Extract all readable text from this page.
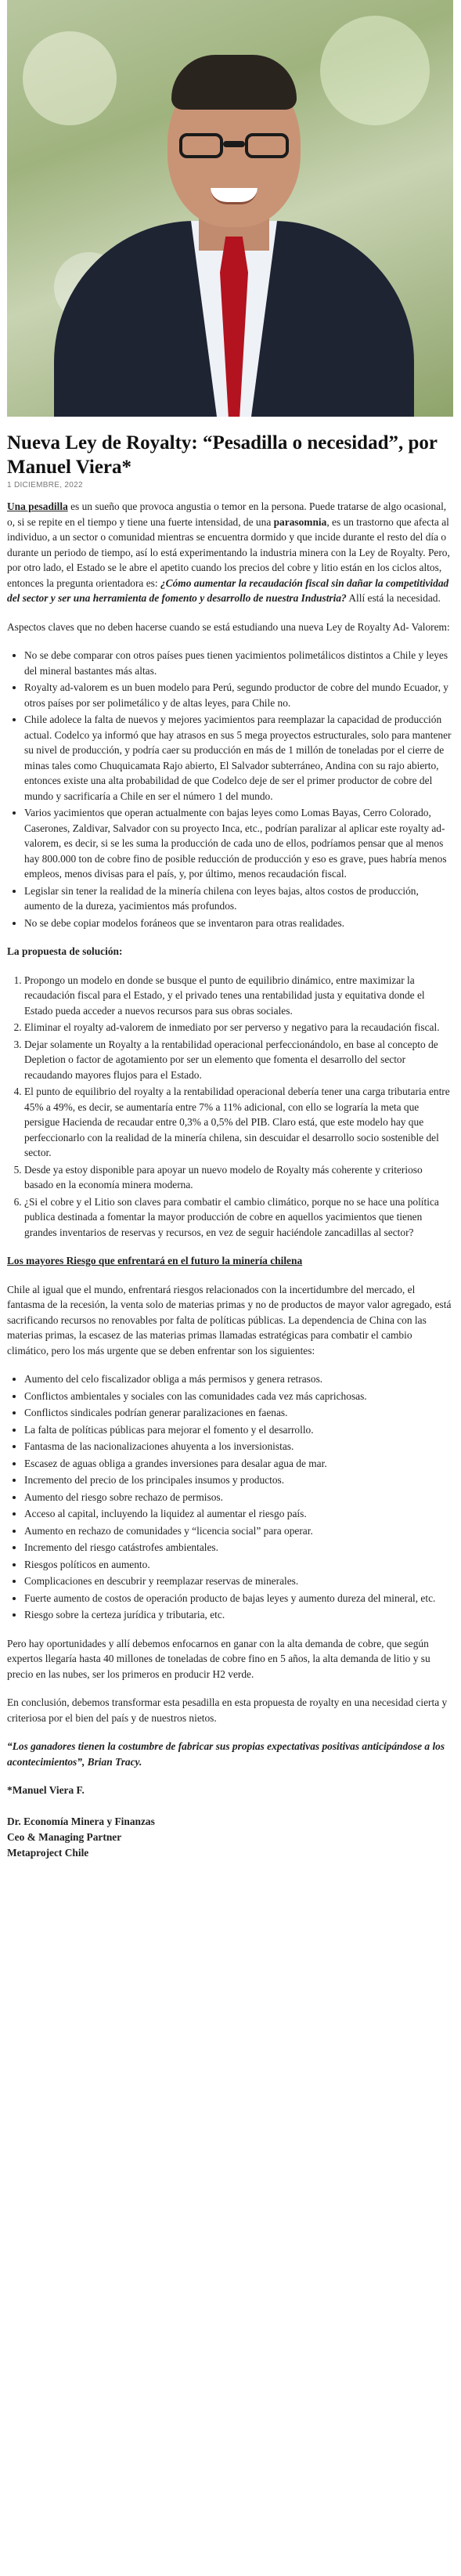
Nueva Ley de Royalty: “Pesadilla o necesidad”, por Manuel Viera*
1 DICIEMBRE, 2022

Una pesadilla es un sueño que provoca angustia o temor en la persona. Puede tratarse de algo ocasional, o, si se repite en el tiempo y tiene una fuerte intensidad, de una parasomnia, es un trastorno que afecta al individuo, a un sector o comunidad mientras se encuentra dormido y que incide durante el resto del día o durante un periodo de tiempo, así lo está experimentando la industria minera con la Ley de Royalty. Pero, por otro lado, el Estado se le abre el apetito cuando los precios del cobre y litio están en los ciclos altos, entonces la pregunta orientadora es: ¿Cómo aumentar la recaudación fiscal sin dañar la competitividad del sector y ser una herramienta de fomento y desarrollo de nuestra Industria? Allí está la necesidad.

Aspectos claves que no deben hacerse cuando se está estudiando una nueva Ley de Royalty Ad- Valorem:

• No se debe comparar con otros países pues tienen yacimientos polimetálicos distintos a Chile y leyes del mineral bastantes más altas.
• Royalty ad-valorem es un buen modelo para Perú, segundo productor de cobre del mundo Ecuador, y otros países por ser polimetálico y de altas leyes, para Chile no.
• Chile adolece la falta de nuevos y mejores yacimientos para reemplazar la capacidad de producción actual. Codelco ya informó que hay atrasos en sus 5 mega proyectos estructurales, solo para mantener su nivel de producción, y podría caer su producción en más de 1 millón de toneladas por el cierre de minas tales como Chuquicamata Rajo abierto, El Salvador subterráneo, Andina con su rajo abierto, entonces existe una alta probabilidad de que Codelco deje de ser el primer productor de cobre del mundo y sacrificaría a Chile en ser el número 1 del mundo.
• Varios yacimientos que operan actualmente con bajas leyes como Lomas Bayas, Cerro Colorado, Caserones, Zaldivar, Salvador con su proyecto Inca, etc., podrían paralizar al aplicar este royalty ad-valorem, es decir, si se les suma la producción de cada uno de ellos, podríamos pensar que al menos hay 800.000 ton de cobre fino de posible reducción de producción y eso es grave, pues habría menos empleos, menos divisas para el país, y, por último, menos recaudación fiscal.
• Legislar sin tener la realidad de la minería chilena con leyes bajas, altos costos de producción, aumento de la dureza, yacimientos más profundos.
• No se debe copiar modelos foráneos que se inventaron para otras realidades.
La propuesta de solución:
1. Propongo un modelo en donde se busque el punto de equilibrio dinámico, entre maximizar la recaudación fiscal para el Estado, y el privado tenes una rentabilidad justa y equitativa donde el Estado pueda acceder a nuevos recursos para sus obras sociales.
2. Eliminar el royalty ad-valorem de inmediato por ser perverso y negativo para la recaudación fiscal.
3. Dejar solamente un Royalty a la rentabilidad operacional perfeccionándolo, en base al concepto de Depletion o factor de agotamiento por ser un elemento que fomenta el desarrollo del sector recaudando mayores flujos para el Estado.
4. El punto de equilibrio del royalty a la rentabilidad operacional debería tener una carga tributaria entre 45% a 49%, es decir, se aumentaría entre 7% a 11% adicional, con ello se lograría la meta que persigue Hacienda de recaudar entre 0,3% a 0,5% del PIB. Claro está, que este modelo hay que perfeccionarlo con la realidad de la minería chilena, sin descuidar el desarrollo socio sostenible del sector.
5. Desde ya estoy disponible para apoyar un nuevo modelo de Royalty más coherente y criterioso basado en la economía minera moderna.
6. ¿Si el cobre y el Litio son claves para combatir el cambio climático, porque no se hace una política publica destinada a fomentar la mayor producción de cobre en aquellos yacimientos que tienen grandes inventarios de reservas y recursos, en vez de seguir haciéndole zancadillas al sector?
Los mayores Riesgo que enfrentará en el futuro la minería chilena

Chile al igual que el mundo, enfrentará riesgos relacionados con la incertidumbre del mercado, el fantasma de la recesión, la venta solo de materias primas y no de productos de mayor valor agregado, está sacrificando recursos no renovables por falta de políticas públicas. La dependencia de China con las materias primas, la escasez de las materias primas llamadas estratégicas para combatir el cambio climático, pero los más urgente que se deben enfrentar son los siguientes:

• Aumento del celo fiscalizador obliga a más permisos y genera retrasos.
• Conflictos ambientales y sociales con las comunidades cada vez más caprichosas.
• Conflictos sindicales podrían generar paralizaciones en faenas.
• La falta de políticas públicas para mejorar el fomento y el desarrollo.
• Fantasma de las nacionalizaciones ahuyenta a los inversionistas.
• Escasez de aguas obliga a grandes inversiones para desalar agua de mar.
• Incremento del precio de los principales insumos y productos.
• Aumento del riesgo sobre rechazo de permisos.
• Acceso al capital, incluyendo la liquidez al aumentar el riesgo país.
• Aumento en rechazo de comunidades y “licencia social” para operar.
• Incremento del riesgo catástrofes ambientales.
• Riesgos políticos en aumento.
• Complicaciones en descubrir y reemplazar reservas de minerales.
• Fuerte aumento de costos de operación producto de bajas leyes y aumento dureza del mineral, etc.
• Riesgo sobre la certeza jurídica y tributaria, etc.

Pero hay oportunidades y allí debemos enfocarnos en ganar con la alta demanda de cobre, que según expertos llegaría hasta 40 millones de toneladas de cobre fino en 5 años, la alta demanda de litio y su precio en las nubes, ser los primeros en producir H2 verde.

En conclusión, debemos transformar esta pesadilla en esta propuesta de royalty en una necesidad cierta y criteriosa por el bien del país y de nuestros nietos.

“Los ganadores tienen la costumbre de fabricar sus propias expectativas positivas anticipándose a los acontecimientos”, Brian Tracy.

*Manuel Viera F.

Dr. Economía Minera y Finanzas

Ceo & Managing Partner

Metaproject Chile
